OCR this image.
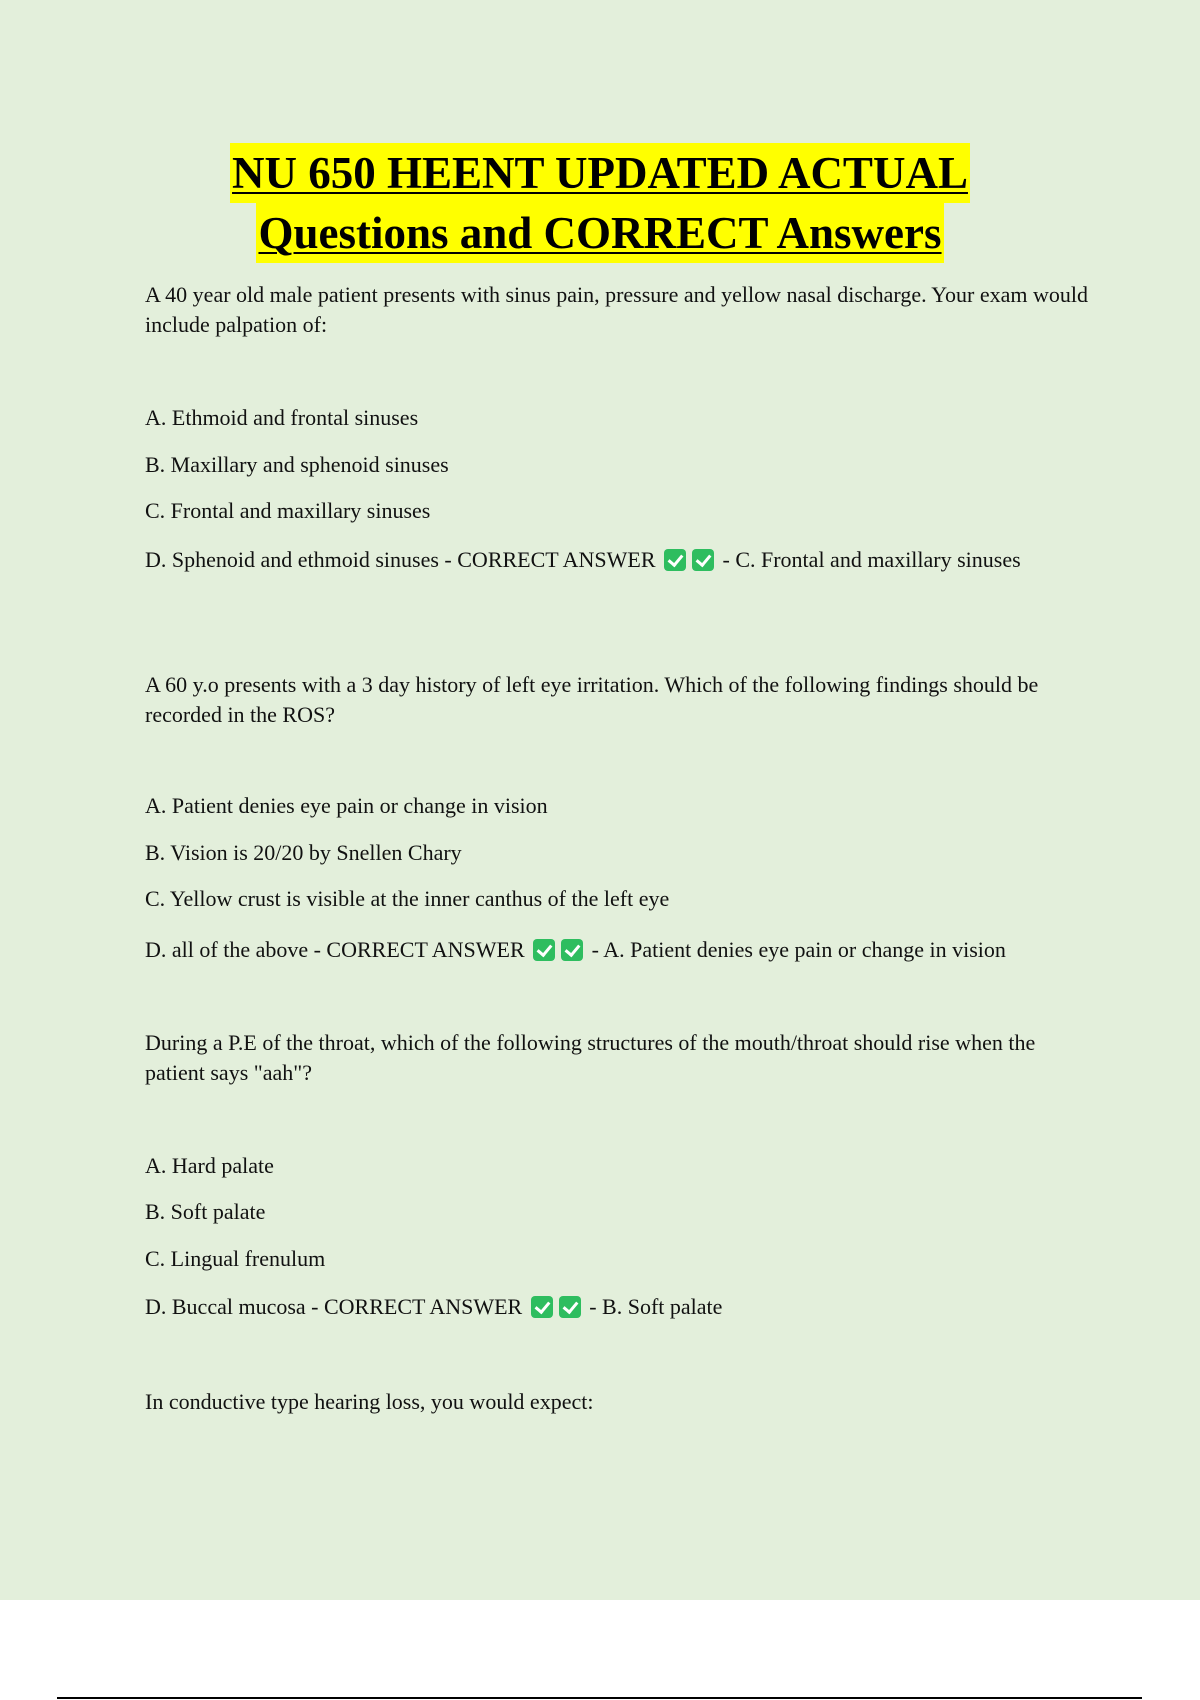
NU 650 HEENT UPDATED ACTUAL
Questions and CORRECT Answers
A 40 year old male patient presents with sinus pain, pressure and yellow nasal discharge. Your exam would include palpation of:
A. Ethmoid and frontal sinuses
B. Maxillary and sphenoid sinuses
C. Frontal and maxillary sinuses
D. Sphenoid and ethmoid sinuses - CORRECT ANSWER	- C. Frontal and maxillary sinuses
A 60 y.o presents with a 3 day history of left eye irritation. Which of the following findings should be recorded in the ROS?
A. Patient denies eye pain or change in vision
B. Vision is 20/20 by Snellen Chary
C. Yellow crust is visible at the inner canthus of the left eye
D. all of the above - CORRECT ANSWER	- A. Patient denies eye pain or change in vision
During a P.E of the throat, which of the following structures of the mouth/throat should rise when the patient says "aah"?
A. Hard palate
B. Soft palate
C. Lingual frenulum
D. Buccal mucosa - CORRECT ANSWER	- B. Soft palate
In conductive type hearing loss, you would expect:
